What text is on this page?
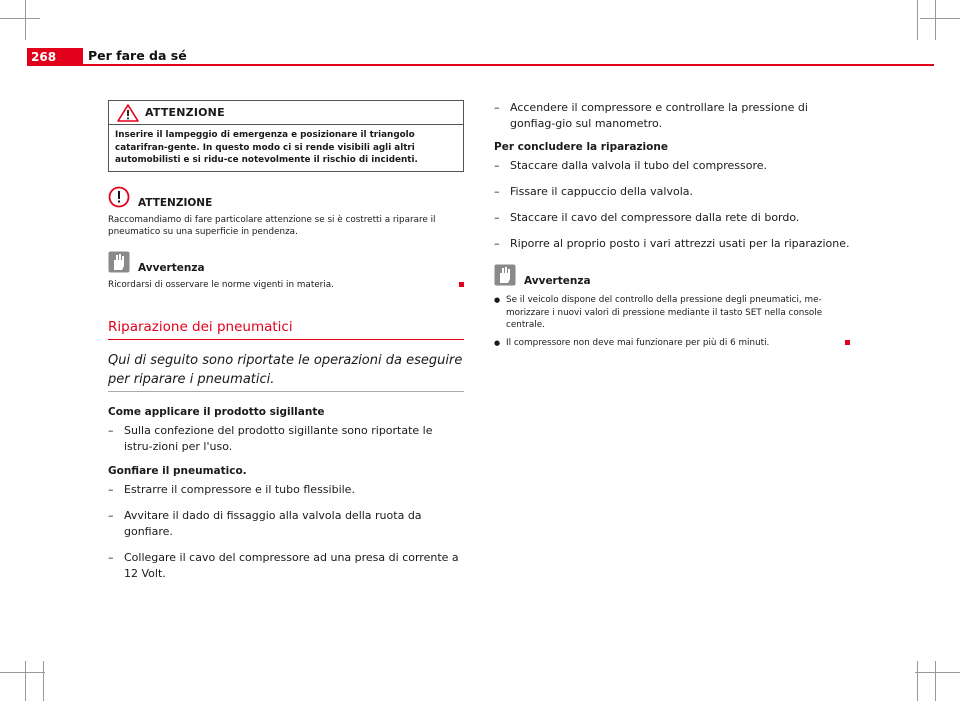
268	Per fare da sé
ATTENZIONE
Inserire il lampeggio di emergenza e posizionare il triangolo catarifran-gente. In questo modo ci si rende visibili agli altri automobilisti e si ridu-ce notevolmente il rischio di incidenti.
ATTENZIONE
Raccomandiamo di fare particolare attenzione se si è costretti a riparare il pneumatico su una superficie in pendenza.
Avvertenza
Ricordarsi di osservare le norme vigenti in materia.
Riparazione dei pneumatici
Qui di seguito sono riportate le operazioni da eseguire per riparare i pneumatici.
Come applicare il prodotto sigillante
– Sulla confezione del prodotto sigillante sono riportate le istru-zioni per l'uso.
Gonfiare il pneumatico.
– Estrarre il compressore e il tubo flessibile.
– Avvitare il dado di fissaggio alla valvola della ruota da gonfiare.
– Collegare il cavo del compressore ad una presa di corrente a 12 Volt.
– Accendere il compressore e controllare la pressione di gonfiag-gio sul manometro.
Per concludere la riparazione
– Staccare dalla valvola il tubo del compressore.
– Fissare il cappuccio della valvola.
– Staccare il cavo del compressore dalla rete di bordo.
– Riporre al proprio posto i vari attrezzi usati per la riparazione.
Avvertenza
● Se il veicolo dispone del controllo della pressione degli pneumatici, me-morizzare i nuovi valori di pressione mediante il tasto SET nella console centrale.
● Il compressore non deve mai funzionare per più di 6 minuti.
